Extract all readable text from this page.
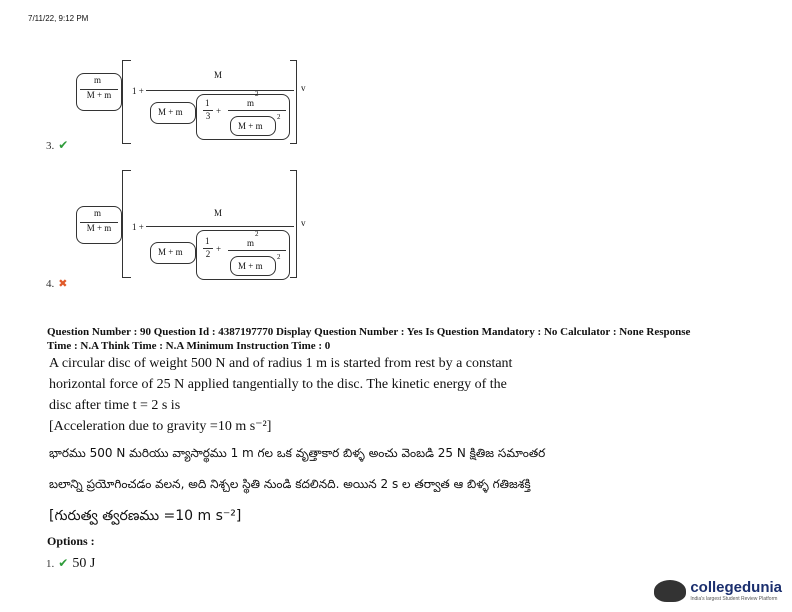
7/11/22, 9:12 PM
m
M + m	1 +
M
M + m
1
3 +
m
2
M + m
2
v
3. ✔
m
M + m	1 +
M
M + m
1
2 +
m
2
M + m
2
v
4. ✖
Question Number : 90 Question Id : 4387197770 Display Question Number : Yes Is Question Mandatory : No Calculator : None Response
Time : N.A Think Time : N.A Minimum Instruction Time : 0
A circular disc of weight 500 N and of radius 1 m is started from rest by a constant
horizontal force of 25 N applied tangentially to the disc. The kinetic energy of the
disc after time t = 2 s is
[Acceleration due to gravity =10 m s⁻²]
భారము 500 N మరియు వ్యాసార్థము 1 m గల ఒక వృత్తాకార బిళ్ళ అంచు వెంబడి 25 N క్షితిజ సమాంతర
బలాన్ని ప్రయోగించడం వలన, అది నిశ్చల స్థితి నుండి కదలినది. అయిన 2 s ల తర్వాత ఆ బిళ్ళ గతిజశక్తి
[గురుత్వ త్వరణము =10 m s⁻²]
Options :
1. ✔ 50 J
collegedunia
India's largest Student Review Platform
